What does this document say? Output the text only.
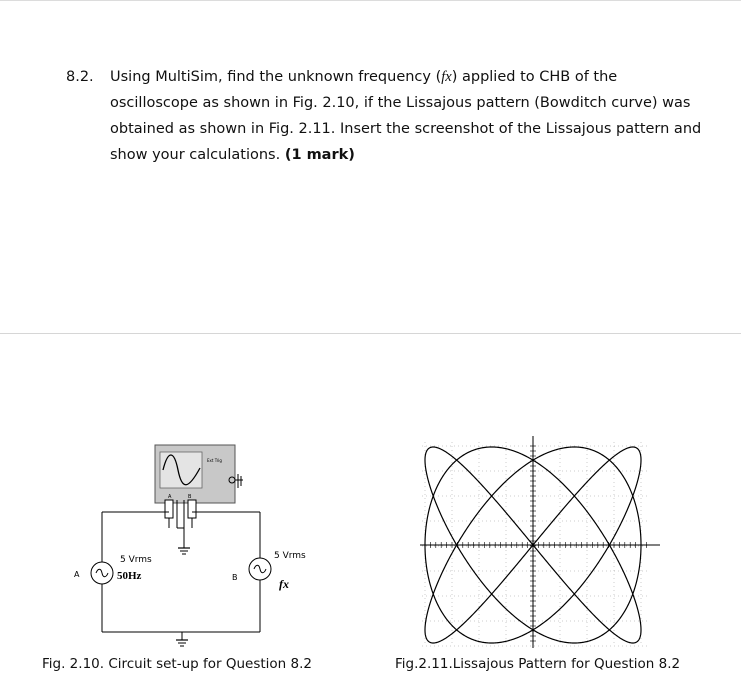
8.2. Using MultiSim, find the unknown frequency (fx) applied to CHB of the oscilloscope as shown in Fig. 2.10, if the Lissajous pattern (Bowditch curve) was obtained as shown in Fig. 2.11. Insert the screenshot of the Lissajous pattern and show your calculations. (1 mark)
Ext Trig
A	B
A
5 Vrms
50Hz	B
5 Vrms
fx
Fig. 2.10. Circuit set-up for Question 8.2	Fig.2.11.Lissajous Pattern for Question 8.2
